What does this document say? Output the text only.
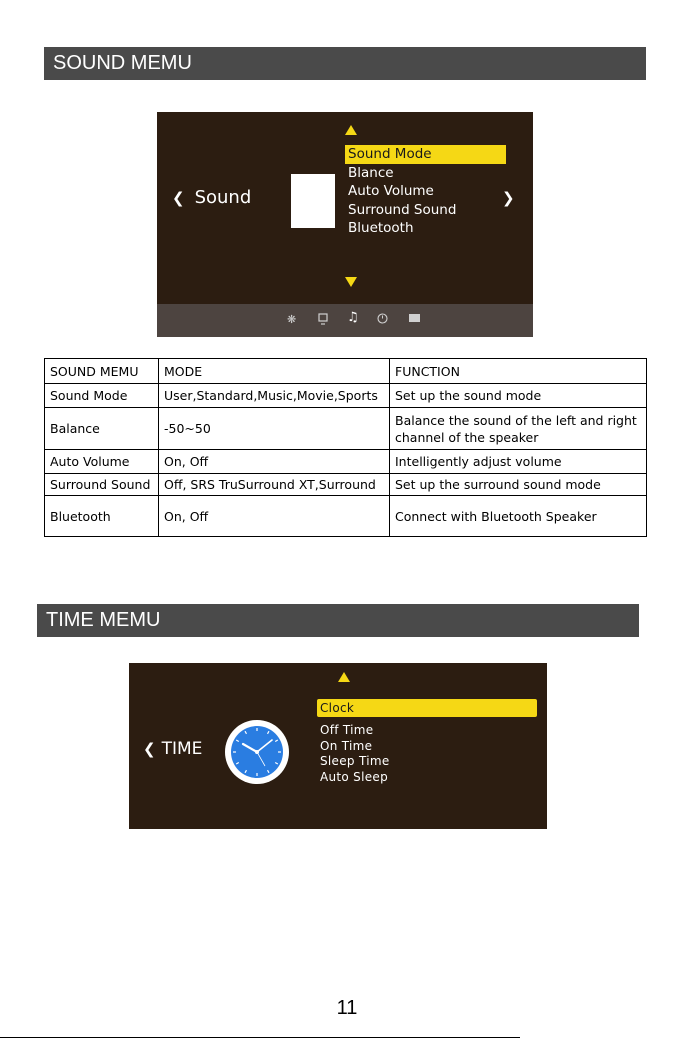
SOUND MEMU
❮ Sound
Sound Mode
Blance
Auto Volume
Surround Sound
Bluetooth
❯
❋	♫
SOUND MEMU	MODE	FUNCTION
Sound Mode	User,Standard,Music,Movie,Sports	Set up the sound mode
Balance	-50~50	Balance the sound of the left and right channel of the speaker
Auto Volume	On, Off	Intelligently adjust volume
Surround Sound	Off, SRS TruSurround XT,Surround	Set up the surround sound mode
Bluetooth	On, Off	Connect with Bluetooth Speaker
TIME MEMU
❮ TIME
Clock
Off Time
On Time
Sleep Time
Auto Sleep
11
